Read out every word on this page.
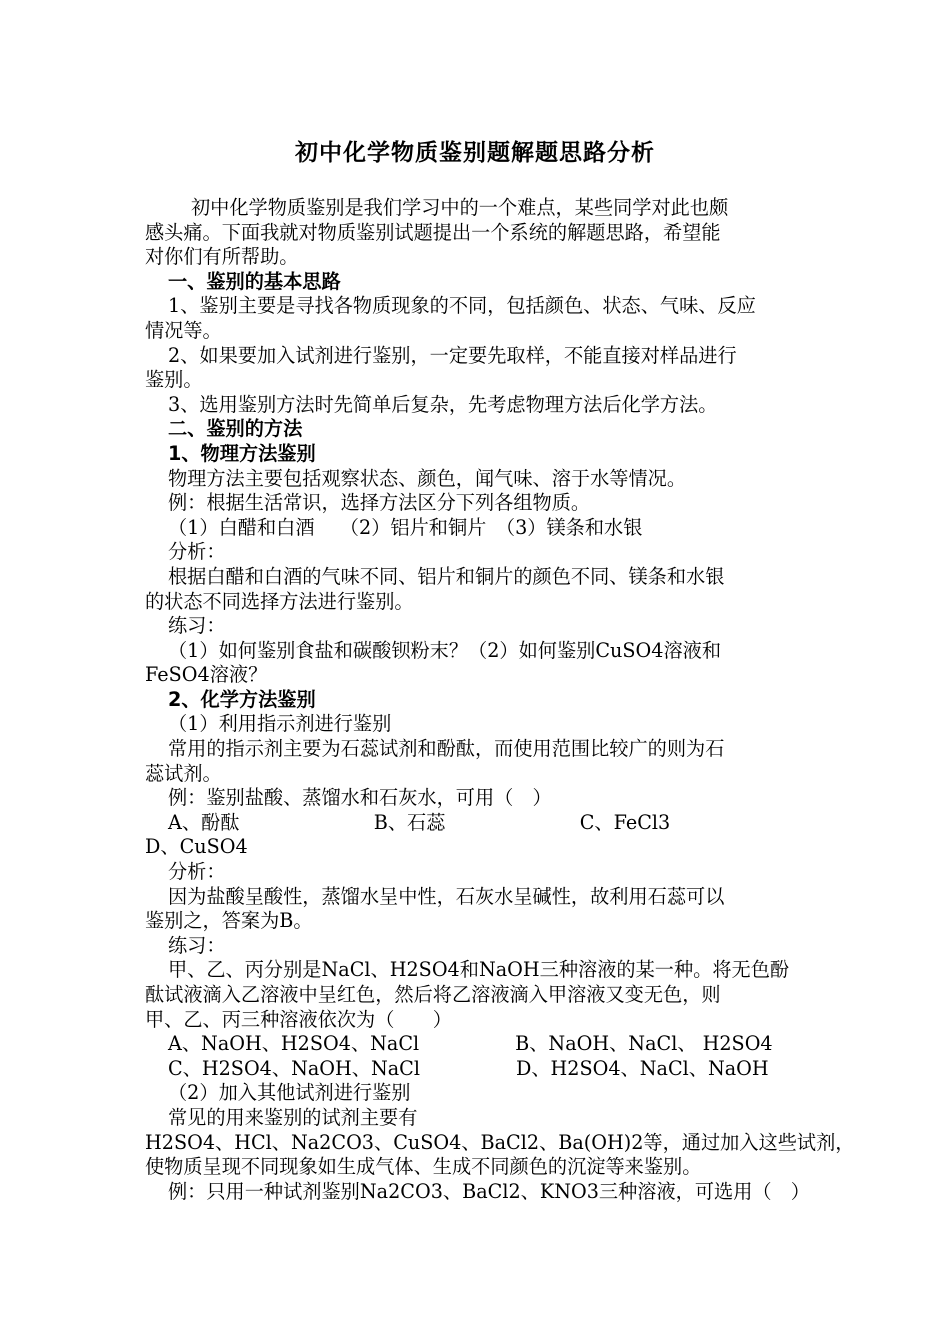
初中化学物质鉴别题解题思路分析

初中化学物质鉴别是我们学习中的一个难点，某些同学对此也颇

感头痛。下面我就对物质鉴别试题提出一个系统的解题思路，希望能

对你们有所帮助。

一、鉴别的基本思路

1、鉴别主要是寻找各物质现象的不同，包括颜色、状态、气味、反应

情况等。

2、如果要加入试剂进行鉴别，一定要先取样，不能直接对样品进行

鉴别。

3、选用鉴别方法时先简单后复杂，先考虑物理方法后化学方法。

二、鉴别的方法

1、物理方法鉴别

物理方法主要包括观察状态、颜色，闻气味、溶于水等情况。

例：根据生活常识，选择方法区分下列各组物质。

（1）白醋和白酒　 （2）铝片和铜片　（3）镁条和水银

分析：

根据白醋和白酒的气味不同、铝片和铜片的颜色不同、镁条和水银

的状态不同选择方法进行鉴别。

练习：

（1）如何鉴别食盐和碳酸钡粉末？（2）如何鉴别CuSO4溶液和

FeSO4溶液？

2、化学方法鉴别

（1）利用指示剂进行鉴别

常用的指示剂主要为石蕊试剂和酚酞，而使用范围比较广的则为石

蕊试剂。

例：鉴别盐酸、蒸馏水和石灰水，可用（　）

A、酚酞　　　　　　　B、石蕊　　　　　　　C、FeCl3

D、CuSO4

分析：

因为盐酸呈酸性，蒸馏水呈中性，石灰水呈碱性，故利用石蕊可以

鉴别之，答案为B。

练习：

甲、乙、丙分别是NaCl、H2SO4和NaOH三种溶液的某一种。将无色酚

酞试液滴入乙溶液中呈红色，然后将乙溶液滴入甲溶液又变无色，则

甲、乙、丙三种溶液依次为（　　）

A、NaOH、H2SO4、NaCl　　　　　B、NaOH、NaCl、 H2SO4

C、H2SO4、NaOH、NaCl　　　　　D、H2SO4、NaCl、NaOH

（2）加入其他试剂进行鉴别

常见的用来鉴别的试剂主要有

H2SO4、HCl、Na2CO3、CuSO4、BaCl2、Ba(OH)2等，通过加入这些试剂，

使物质呈现不同现象如生成气体、生成不同颜色的沉淀等来鉴别。

例：只用一种试剂鉴别Na2CO3、BaCl2、KNO3三种溶液，可选用（　）
